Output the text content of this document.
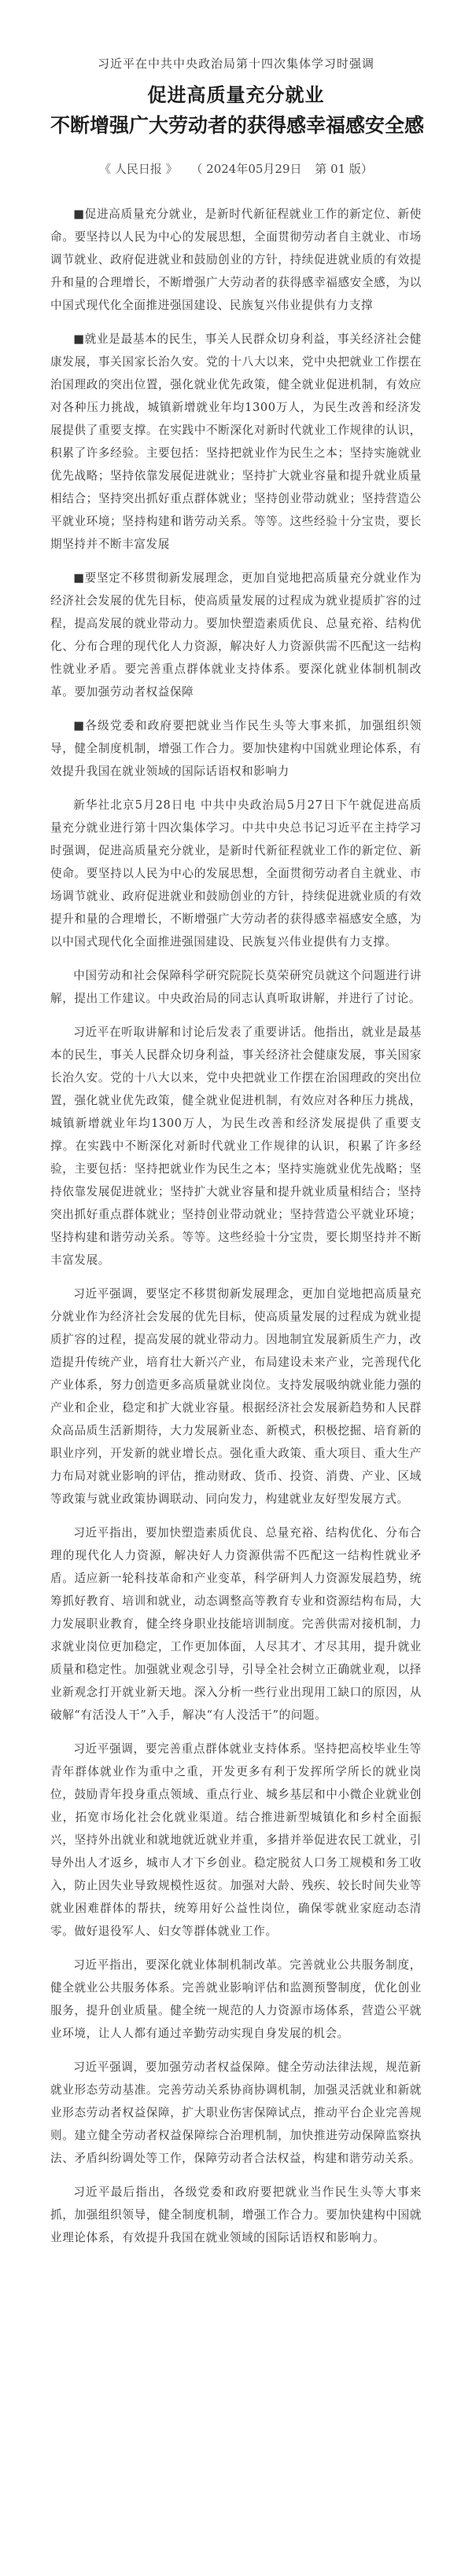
习近平在中共中央政治局第十四次集体学习时强调
促进高质量充分就业
不断增强广大劳动者的获得感幸福感安全感
《 人民日报 》 （ 2024年05月29日 第 01 版）

■促进高质量充分就业，是新时代新征程就业工作的新定位、新使命。要坚持以人民为中心的发展思想，全面贯彻劳动者自主就业、市场调节就业、政府促进就业和鼓励创业的方针，持续促进就业质的有效提升和量的合理增长，不断增强广大劳动者的获得感幸福感安全感，为以中国式现代化全面推进强国建设、民族复兴伟业提供有力支撑

■就业是最基本的民生，事关人民群众切身利益，事关经济社会健康发展，事关国家长治久安。党的十八大以来，党中央把就业工作摆在治国理政的突出位置，强化就业优先政策，健全就业促进机制，有效应对各种压力挑战，城镇新增就业年均1300万人，为民生改善和经济发展提供了重要支撑。在实践中不断深化对新时代就业工作规律的认识，积累了许多经验。主要包括：坚持把就业作为民生之本；坚持实施就业优先战略；坚持依靠发展促进就业；坚持扩大就业容量和提升就业质量相结合；坚持突出抓好重点群体就业；坚持创业带动就业；坚持营造公平就业环境；坚持构建和谐劳动关系。等等。这些经验十分宝贵，要长期坚持并不断丰富发展

■要坚定不移贯彻新发展理念，更加自觉地把高质量充分就业作为经济社会发展的优先目标，使高质量发展的过程成为就业提质扩容的过程，提高发展的就业带动力。要加快塑造素质优良、总量充裕、结构优化、分布合理的现代化人力资源，解决好人力资源供需不匹配这一结构性就业矛盾。要完善重点群体就业支持体系。要深化就业体制机制改革。要加强劳动者权益保障

■各级党委和政府要把就业当作民生头等大事来抓，加强组织领导，健全制度机制，增强工作合力。要加快建构中国就业理论体系，有效提升我国在就业领域的国际话语权和影响力

新华社北京5月28日电 中共中央政治局5月27日下午就促进高质量充分就业进行第十四次集体学习。中共中央总书记习近平在主持学习时强调，促进高质量充分就业，是新时代新征程就业工作的新定位、新使命。要坚持以人民为中心的发展思想，全面贯彻劳动者自主就业、市场调节就业、政府促进就业和鼓励创业的方针，持续促进就业质的有效提升和量的合理增长，不断增强广大劳动者的获得感幸福感安全感，为以中国式现代化全面推进强国建设、民族复兴伟业提供有力支撑。

中国劳动和社会保障科学研究院院长莫荣研究员就这个问题进行讲解，提出工作建议。中央政治局的同志认真听取讲解，并进行了讨论。

习近平在听取讲解和讨论后发表了重要讲话。他指出，就业是最基本的民生，事关人民群众切身利益，事关经济社会健康发展，事关国家长治久安。党的十八大以来，党中央把就业工作摆在治国理政的突出位置，强化就业优先政策，健全就业促进机制，有效应对各种压力挑战，城镇新增就业年均1300万人，为民生改善和经济发展提供了重要支撑。在实践中不断深化对新时代就业工作规律的认识，积累了许多经验，主要包括：坚持把就业作为民生之本；坚持实施就业优先战略；坚持依靠发展促进就业；坚持扩大就业容量和提升就业质量相结合；坚持突出抓好重点群体就业；坚持创业带动就业；坚持营造公平就业环境；坚持构建和谐劳动关系。等等。这些经验十分宝贵，要长期坚持并不断丰富发展。

习近平强调，要坚定不移贯彻新发展理念，更加自觉地把高质量充分就业作为经济社会发展的优先目标，使高质量发展的过程成为就业提质扩容的过程，提高发展的就业带动力。因地制宜发展新质生产力，改造提升传统产业，培育壮大新兴产业，布局建设未来产业，完善现代化产业体系，努力创造更多高质量就业岗位。支持发展吸纳就业能力强的产业和企业，稳定和扩大就业容量。根据经济社会发展新趋势和人民群众高品质生活新期待，大力发展新业态、新模式，积极挖掘、培育新的职业序列，开发新的就业增长点。强化重大政策、重大项目、重大生产力布局对就业影响的评估，推动财政、货币、投资、消费、产业、区域等政策与就业政策协调联动、同向发力，构建就业友好型发展方式。

习近平指出，要加快塑造素质优良、总量充裕、结构优化、分布合理的现代化人力资源，解决好人力资源供需不匹配这一结构性就业矛盾。适应新一轮科技革命和产业变革，科学研判人力资源发展趋势，统筹抓好教育、培训和就业，动态调整高等教育专业和资源结构布局，大力发展职业教育，健全终身职业技能培训制度。完善供需对接机制，力求就业岗位更加稳定，工作更加体面，人尽其才、才尽其用，提升就业质量和稳定性。加强就业观念引导，引导全社会树立正确就业观，以择业新观念打开就业新天地。深入分析一些行业出现用工缺口的原因，从破解“有活没人干”入手，解决“有人没活干”的问题。

习近平强调，要完善重点群体就业支持体系。坚持把高校毕业生等青年群体就业作为重中之重，开发更多有利于发挥所学所长的就业岗位，鼓励青年投身重点领域、重点行业、城乡基层和中小微企业就业创业，拓宽市场化社会化就业渠道。结合推进新型城镇化和乡村全面振兴，坚持外出就业和就地就近就业并重，多措并举促进农民工就业，引导外出人才返乡，城市人才下乡创业。稳定脱贫人口务工规模和务工收入，防止因失业导致规模性返贫。加强对大龄、残疾、较长时间失业等就业困难群体的帮扶，统筹用好公益性岗位，确保零就业家庭动态清零。做好退役军人、妇女等群体就业工作。

习近平指出，要深化就业体制机制改革。完善就业公共服务制度，健全就业公共服务体系。完善就业影响评估和监测预警制度，优化创业服务，提升创业质量。健全统一规范的人力资源市场体系，营造公平就业环境，让人人都有通过辛勤劳动实现自身发展的机会。

习近平强调，要加强劳动者权益保障。健全劳动法律法规，规范新就业形态劳动基准。完善劳动关系协商协调机制，加强灵活就业和新就业形态劳动者权益保障，扩大职业伤害保障试点，推动平台企业完善规则。建立健全劳动者权益保障综合治理机制，加快推进劳动保障监察执法、矛盾纠纷调处等工作，保障劳动者合法权益，构建和谐劳动关系。

习近平最后指出，各级党委和政府要把就业当作民生头等大事来抓，加强组织领导，健全制度机制，增强工作合力。要加快建构中国就业理论体系，有效提升我国在就业领域的国际话语权和影响力。
